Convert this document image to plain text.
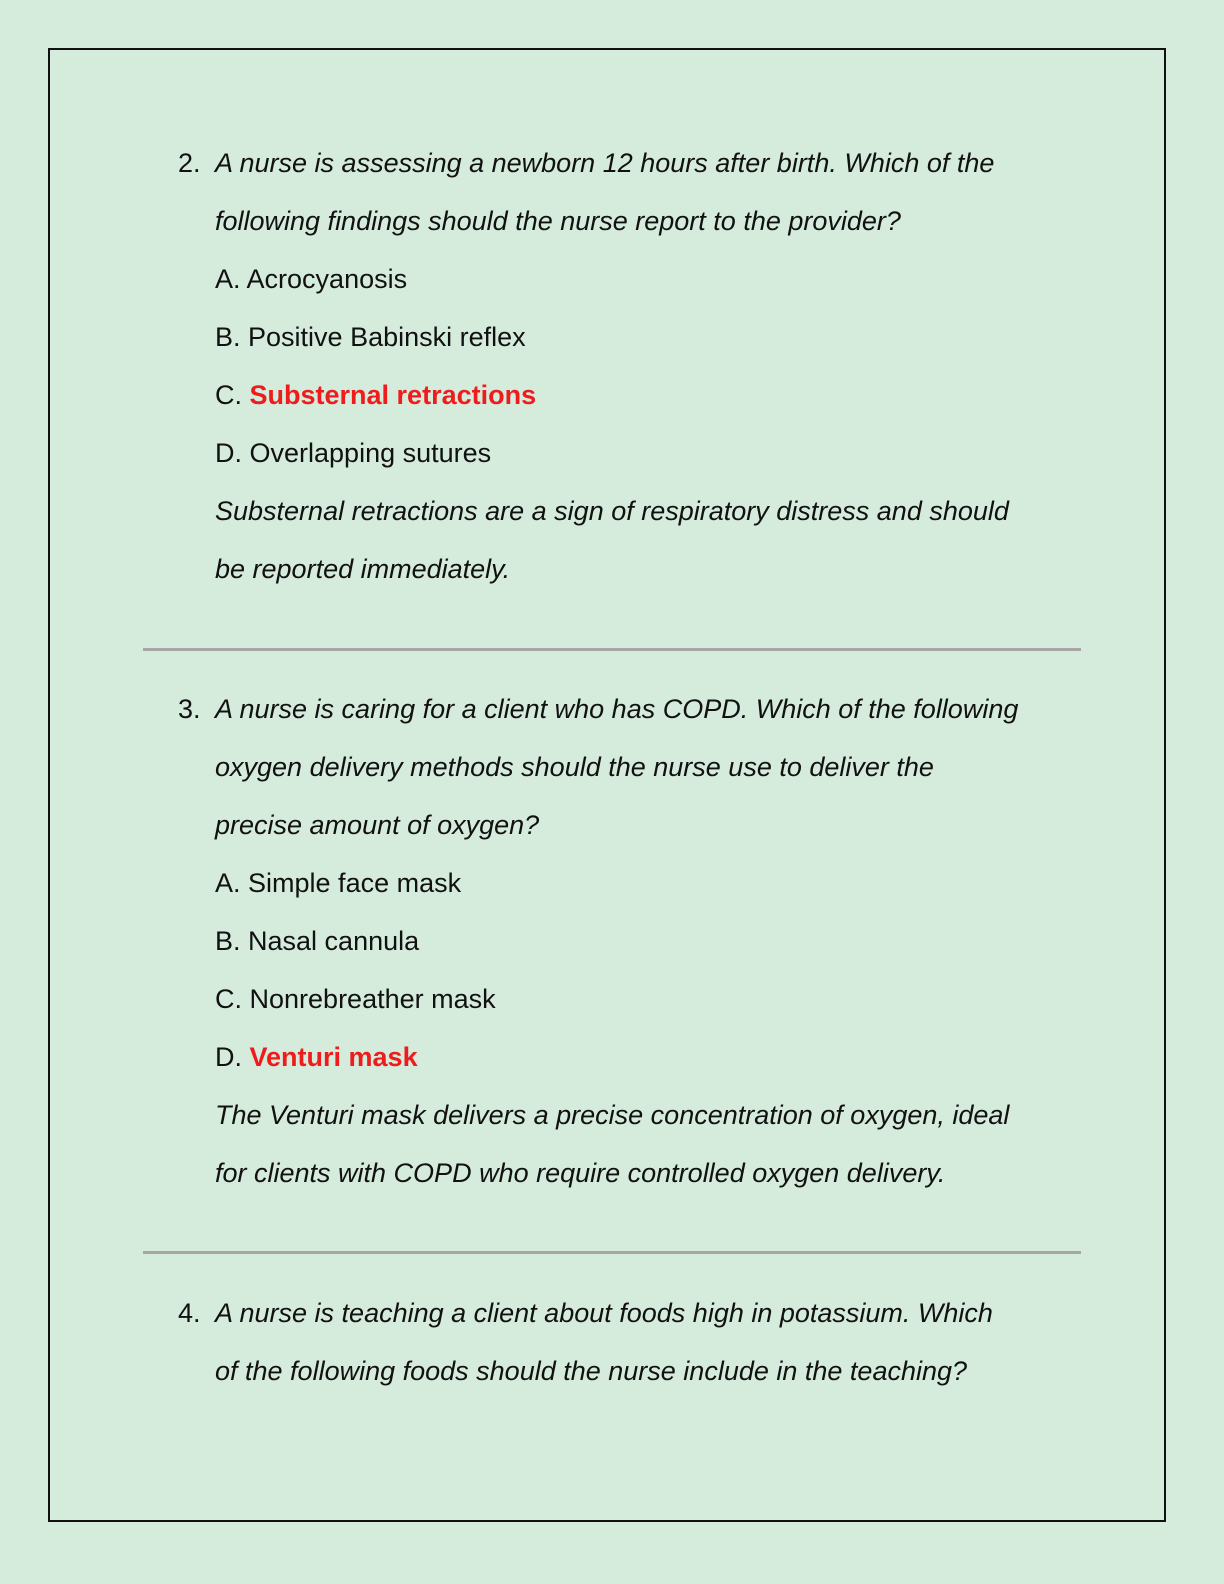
2. A nurse is assessing a newborn 12 hours after birth. Which of the
following findings should the nurse report to the provider?
A. Acrocyanosis
B. Positive Babinski reflex
C. Substernal retractions
D. Overlapping sutures
Substernal retractions are a sign of respiratory distress and should
be reported immediately.
3. A nurse is caring for a client who has COPD. Which of the following
oxygen delivery methods should the nurse use to deliver the
precise amount of oxygen?
A. Simple face mask
B. Nasal cannula
C. Nonrebreather mask
D. Venturi mask
The Venturi mask delivers a precise concentration of oxygen, ideal
for clients with COPD who require controlled oxygen delivery.
4. A nurse is teaching a client about foods high in potassium. Which
of the following foods should the nurse include in the teaching?
